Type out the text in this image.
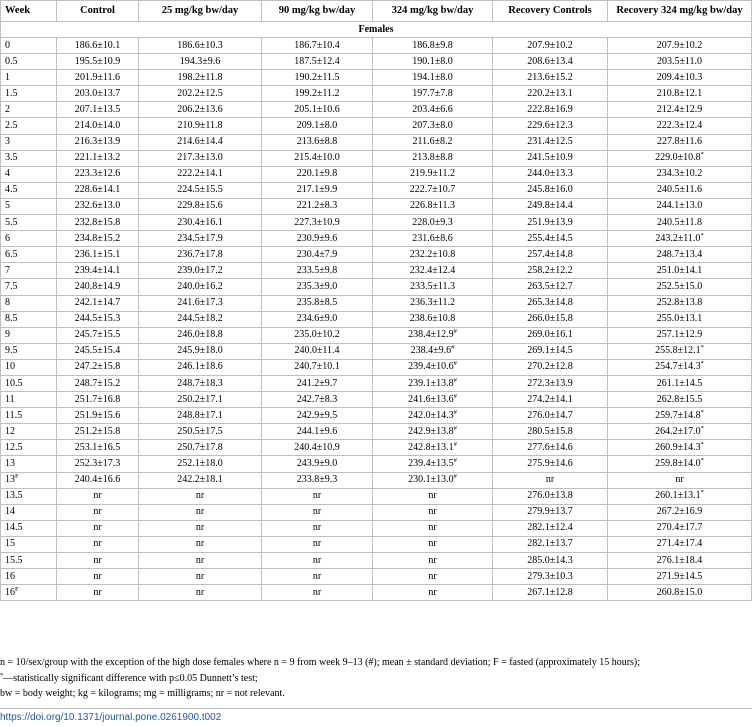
Week	Control	25 mg/kg bw/day	90 mg/kg bw/day	324 mg/kg bw/day	Recovery Controls	Recovery 324 mg/kg bw/day
Females						
0	186.6±10.1	186.6±10.3	186.7±10.4	186.8±9.8	207.9±10.2	207.9±10.2
0.5	195.5±10.9	194.3±9.6	187.5±12.4	190.1±8.0	208.6±13.4	203.5±11.0
1	201.9±11.6	198.2±11.8	190.2±11.5	194.1±8.0	213.6±15.2	209.4±10.3
1.5	203.0±13.7	202.2±12.5	199.2±11.2	197.7±7.8	220.2±13.1	210.8±12.1
2	207.1±13.5	206.2±13.6	205.1±10.6	203.4±6.6	222.8±16.9	212.4±12.9
2.5	214.0±14.0	210.9±11.8	209.1±8.0	207.3±8.0	229.6±12.3	222.3±12.4
3	216.3±13.9	214.6±14.4	213.6±8.8	211.6±8.2	231.4±12.5	227.8±11.6
3.5	221.1±13.2	217.3±13.0	215.4±10.0	213.8±8.8	241.5±10.9	229.0±10.8*
4	223.3±12.6	222.2±14.1	220.1±9.8	219.9±11.2	244.0±13.3	234.3±10.2
4.5	228.6±14.1	224.5±15.5	217.1±9.9	222.7±10.7	245.8±16.0	240.5±11.6
5	232.6±13.0	229.8±15.6	221.2±8.3	226.8±11.3	249.8±14.4	244.1±13.0
5.5	232.8±15.8	230.4±16.1	227.3±10.9	228.0±9.3	251.9±13.9	240.5±11.8
6	234.8±15.2	234.5±17.9	230.9±9.6	231.6±8.6	255.4±14.5	243.2±11.0*
6.5	236.1±15.1	236.7±17.8	230.4±7.9	232.2±10.8	257.4±14.8	248.7±13.4
7	239.4±14.1	239.0±17.2	233.5±9.8	232.4±12.4	258.2±12.2	251.0±14.1
7.5	240.8±14.9	240.0±16.2	235.3±9.0	233.5±11.3	263.5±12.7	252.5±15.0
8	242.1±14.7	241.6±17.3	235.8±8.5	236.3±11.2	265.3±14.8	252.8±13.8
8.5	244.5±15.3	244.5±18.2	234.6±9.0	238.6±10.8	266.0±15.8	255.0±13.1
9	245.7±15.5	246.0±18.8	235.0±10.2	238.4±12.9#	269.0±16.1	257.1±12.9
9.5	245.5±15.4	245.9±18.0	240.0±11.4	238.4±9.6#	269.1±14.5	255.8±12.1*
10	247.2±15.8	246.1±18.6	240.7±10.1	239.4±10.6#	270.2±12.8	254.7±14.3*
10.5	248.7±15.2	248.7±18.3	241.2±9.7	239.1±13.8#	272.3±13.9	261.1±14.5
11	251.7±16.8	250.2±17.1	242.7±8.3	241.6±13.6#	274.2±14.1	262.8±15.5
11.5	251.9±15.6	248.8±17.1	242.9±9.5	242.0±14.3#	276.0±14.7	259.7±14.8*
12	251.2±15.8	250.5±17.5	244.1±9.6	242.9±13.8#	280.5±15.8	264.2±17.0*
12.5	253.1±16.5	250.7±17.8	240.4±10.9	242.8±13.1#	277.6±14.6	260.9±14.3*
13	252.3±17.3	252.1±18.0	243.9±9.0	239.4±13.5#	275.9±14.6	259.8±14.0*
$13^F$	240.4±16.6	242.2±18.1	233.8±9.3	230.1±13.0#	nr	nr
13.5	nr	nr	nr	nr	276.0±13.8	260.1±13.1*
14	nr	nr	nr	nr	279.9±13.7	267.2±16.9
14.5	nr	nr	nr	nr	282.1±12.4	270.4±17.7
15	nr	nr	nr	nr	282.1±13.7	271.4±17.4
15.5	nr	nr	nr	nr	285.0±14.3	276.1±18.4
16	nr	nr	nr	nr	279.3±10.3	271.9±14.5
$16^F$	nr	nr	nr	nr	267.1±12.8	260.8±15.0

n = 10/sex/group with the exception of the high dose females where n = 9 from week 9–13 (#); mean ± standard deviation; F = fasted (approximately 15 hours);

*—statistically significant difference with p≤0.05 Dunnett’s test;

bw = body weight; kg = kilograms; mg = milligrams; nr = not relevant.

https://doi.org/10.1371/journal.pone.0261900.t002
